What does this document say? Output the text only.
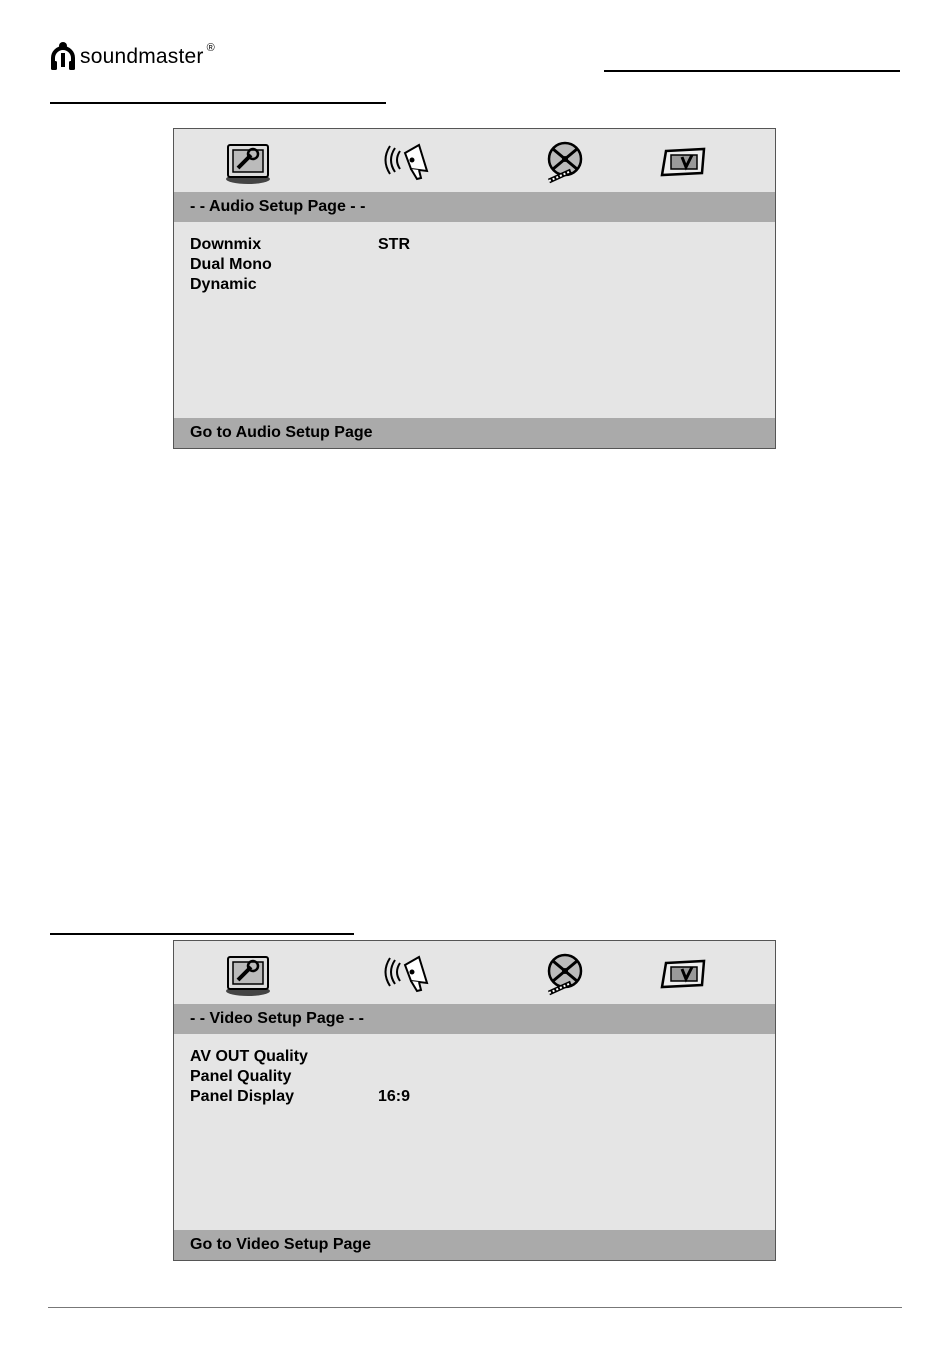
soundmaster ®
- - Audio Setup Page - -
Downmix	STR
Dual Mono
Dynamic
Go to Audio Setup Page
- - Video Setup Page - -
AV OUT Quality
Panel Quality
Panel Display	16:9
Go to Video Setup Page
